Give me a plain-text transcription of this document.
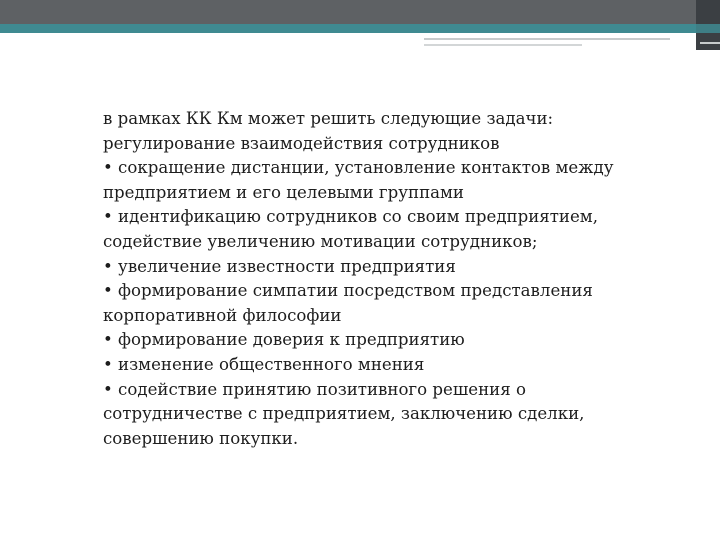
в рамках КК Км может решить следующие задачи:
регулирование взаимодействия сотрудников
• сокращение дистанции, установление контактов между
предприятием и его целевыми группами
• идентификацию сотрудников со своим предприятием,
содействие увеличению мотивации сотрудников;
• увеличение известности предприятия
• формирование симпатии посредством представления
корпоративной философии
• формирование доверия к предприятию
• изменение общественного мнения
• содействие принятию позитивного решения о
сотрудничестве с предприятием, заключению сделки,
совершению покупки.
